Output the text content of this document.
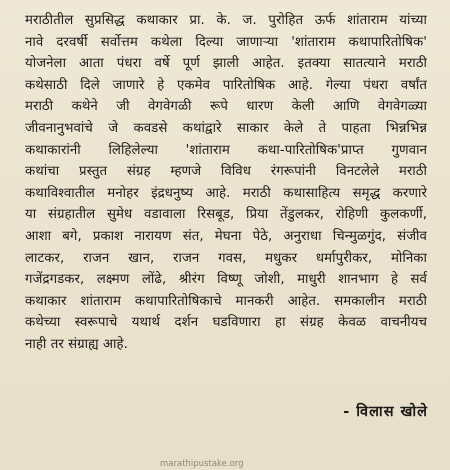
मराठीतील सुप्रसिद्ध कथाकार प्रा. के. ज. पुरोहित ऊर्फ शांताराम यांच्या
नावे दरवर्षी सर्वोत्तम कथेला दिल्या जाणाऱ्या 'शांताराम कथापारितोषिक'
योजनेला आता पंधरा वर्षे पूर्ण झाली आहेत. इतक्या सातत्याने मराठी
कथेसाठी दिले जाणारे हे एकमेव पारितोषिक आहे. गेल्या पंधरा वर्षांत
मराठी कथेने जी वेगवेगळी रूपे धारण केली आणि वेगवेगळ्या
जीवनानुभवांचे जे कवडसे कथांद्वारे साकार केले ते पाहता भिन्नभिन्न
कथाकारांनी लिहिलेल्या 'शांताराम कथा-पारितोषिक'प्राप्त गुणवान
कथांचा प्रस्तुत संग्रह म्हणजे विविध रंगरूपांनी विनटलेले मराठी
कथाविश्वातील मनोहर इंद्रधनुष्य आहे. मराठी कथासाहित्य समृद्ध करणारे
या संग्रहातील सुमेध वडावाला रिसबूड, प्रिया तेंडुलकर, रोहिणी कुलकर्णी,
आशा बगे, प्रकाश नारायण संत, मेघना पेठे, अनुराधा चिन्मुळगुंद, संजीव
लाटकर, राजन खान, राजन गवस, मधुकर धर्मापुरीकर, मोनिका
गजेंद्रगडकर, लक्ष्मण लोंढे, श्रीरंग विष्णू जोशी, माधुरी शानभाग हे सर्व
कथाकार शांताराम कथापारितोषिकाचे मानकरी आहेत. समकालीन मराठी
कथेच्या स्वरूपाचे यथार्थ दर्शन घडविणारा हा संग्रह केवळ वाचनीयच
नाही तर संग्राह्य आहे.
- विलास खोले
marathipustake.org
